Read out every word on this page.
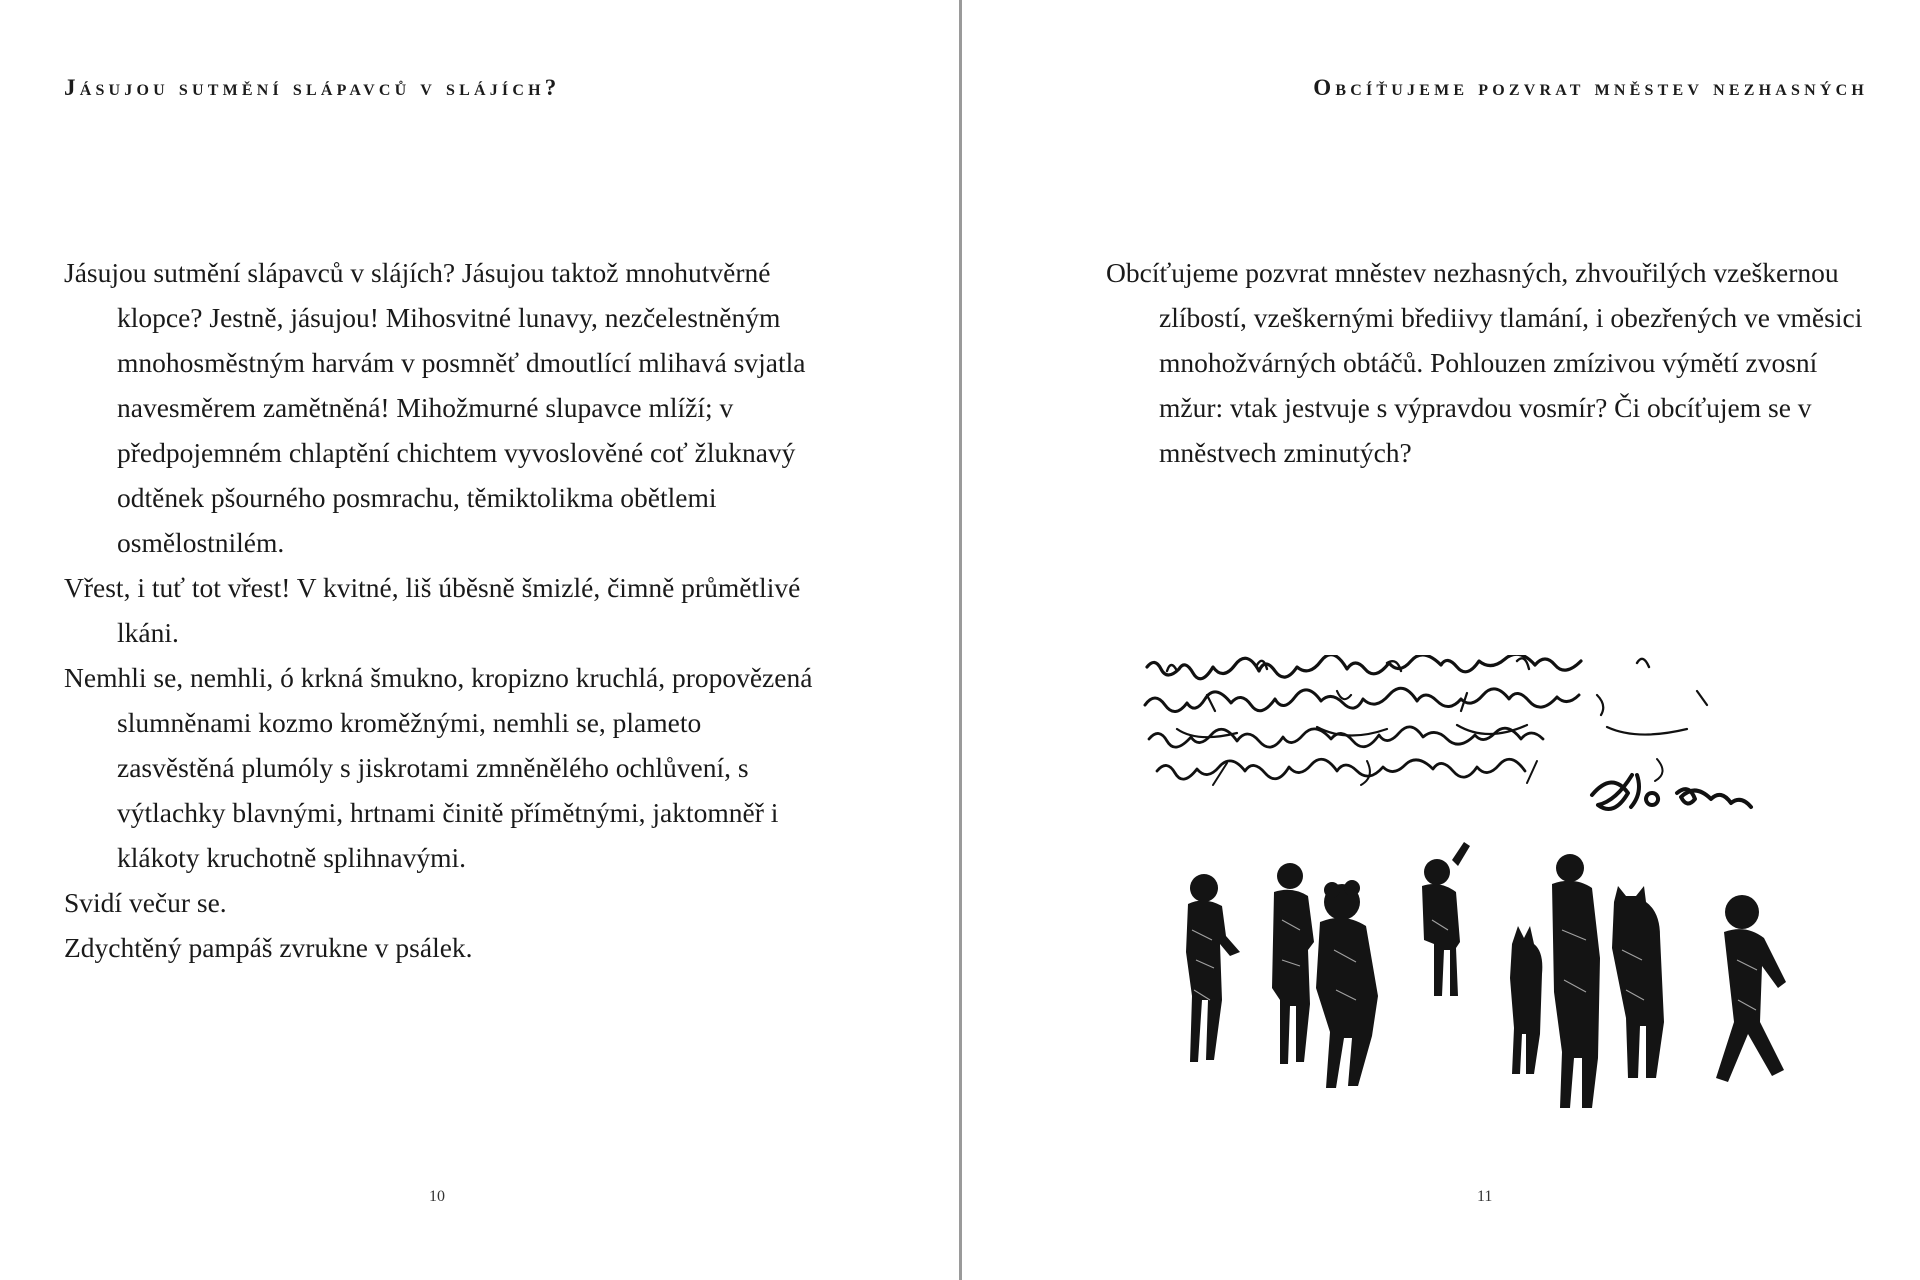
Jásujou sutmění slápavců v slájích?

Jásujou sutmění slápavců v slájích? Jásujou taktož mnohutvěrné klopce? Jestně, jásujou! Mihosvitné lunavy, nezčelestněným mnohosměstným harvám v posmněť dmoutlící mlihavá svjatla navesměrem zamětněná! Mihožmurné slupavce mlíží; v předpojemném chlaptění chichtem vyvoslověné coť žluknavý odtěnek pšourného posmrachu, těmiktolikma obětlemi osmělostnilém.

Vřest, i tuť tot vřest! V kvitné, liš úběsně šmizlé, čimně průmětlivé lkáni.

Nemhli se, nemhli, ó krkná šmukno, kropizno kruchlá, propovězená slumněnami kozmo kroměžnými, nemhli se, plameto zasvěstěná plumóly s jiskrotami zmněnělého ochlůvení, s výtlachky blavnými, hrtnami činitě přímětnými, jaktomněř i klákoty kruchotně splihnavými.

Svidí večur se.

Zdychtěný pampáš zvrukne v psálek.

10
Obcíťujeme pozvrat mněstev nezhasných

Obcíťujeme pozvrat mněstev nezhasných, zhvouřilých vzeškernou zlíbostí, vzeškernými břediivy tlamání, i obezřených ve vměsici mnohožvárných obtáčů. Pohlouzen zmízivou výmětí zvosní mžur: vtak jestvuje s výpravdou vosmír? Či obcíťujem se v mněstvech zminutých?

11
